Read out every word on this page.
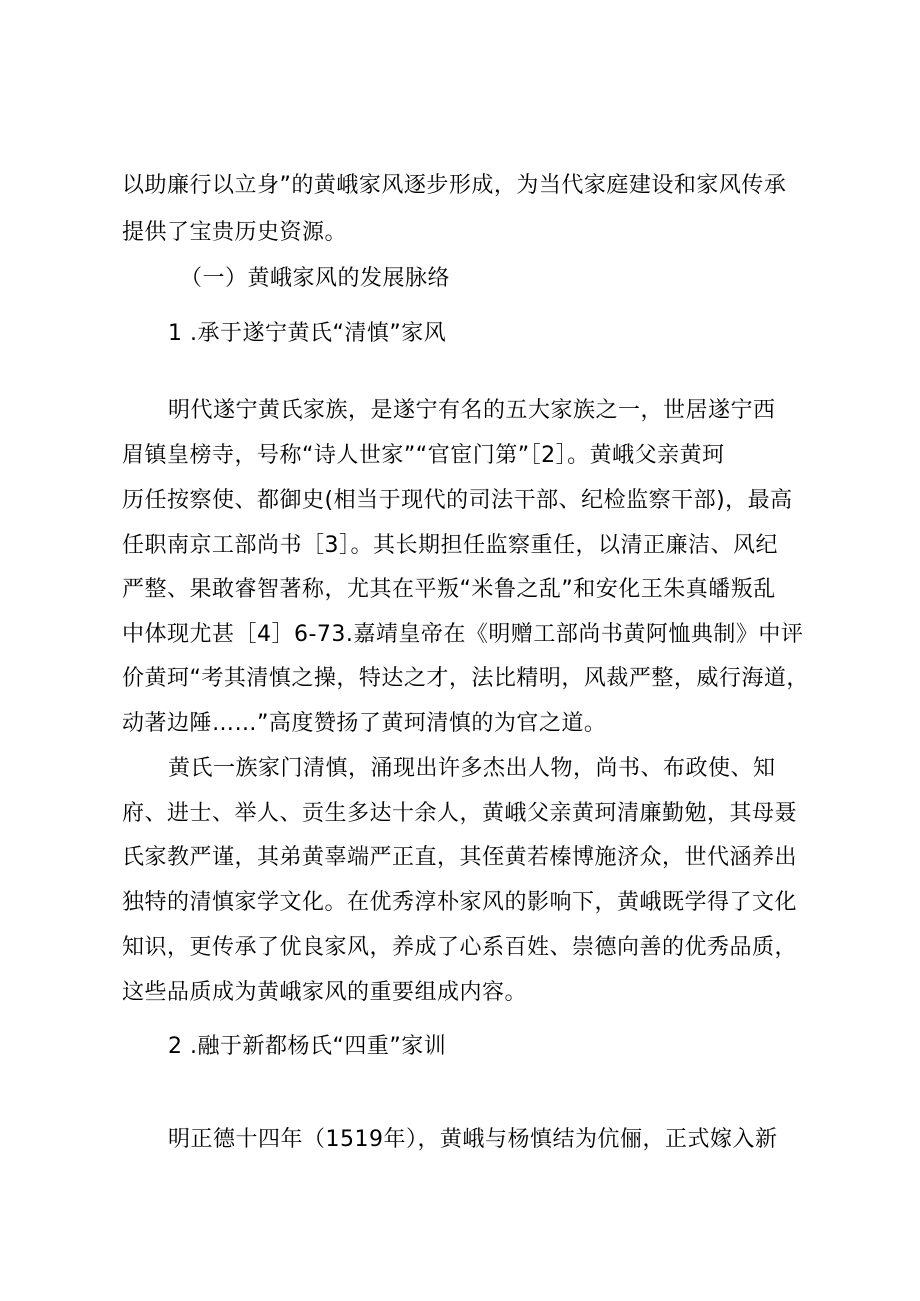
以助廉行以立身”的黄峨家风逐步形成，为当代家庭建设和家风传承
提供了宝贵历史资源。
（一）黄峨家风的发展脉络
1 .承于遂宁黄氏“清慎”家风
明代遂宁黄氏家族，是遂宁有名的五大家族之一，世居遂宁西
眉镇皇榜寺，号称“诗人世家”“官宦门第”［2］。黄峨父亲黄珂
历任按察使、都御史(相当于现代的司法干部、纪检监察干部)，最高
任职南京工部尚书［3］。其长期担任监察重任，以清正廉洁、风纪
严整、果敢睿智著称，尤其在平叛“米鲁之乱”和安化王朱真皤叛乱
中体现尤甚［4］6-73.嘉靖皇帝在《明赠工部尚书黄阿恤典制》中评
价黄珂“考其清慎之操，特达之才，法比精明，风裁严整，威行海道，
动著边陲……”高度赞扬了黄珂清慎的为官之道。
黄氏一族家门清慎，涌现出许多杰出人物，尚书、布政使、知
府、进士、举人、贡生多达十余人，黄峨父亲黄珂清廉勤勉，其母聂
氏家教严谨，其弟黄辜端严正直，其侄黄若榛博施济众，世代涵养出
独特的清慎家学文化。在优秀淳朴家风的影响下，黄峨既学得了文化
知识，更传承了优良家风，养成了心系百姓、崇德向善的优秀品质，
这些品质成为黄峨家风的重要组成内容。
2 .融于新都杨氏“四重”家训
明正德十四年（1519年），黄峨与杨慎结为伉俪，正式嫁入新
